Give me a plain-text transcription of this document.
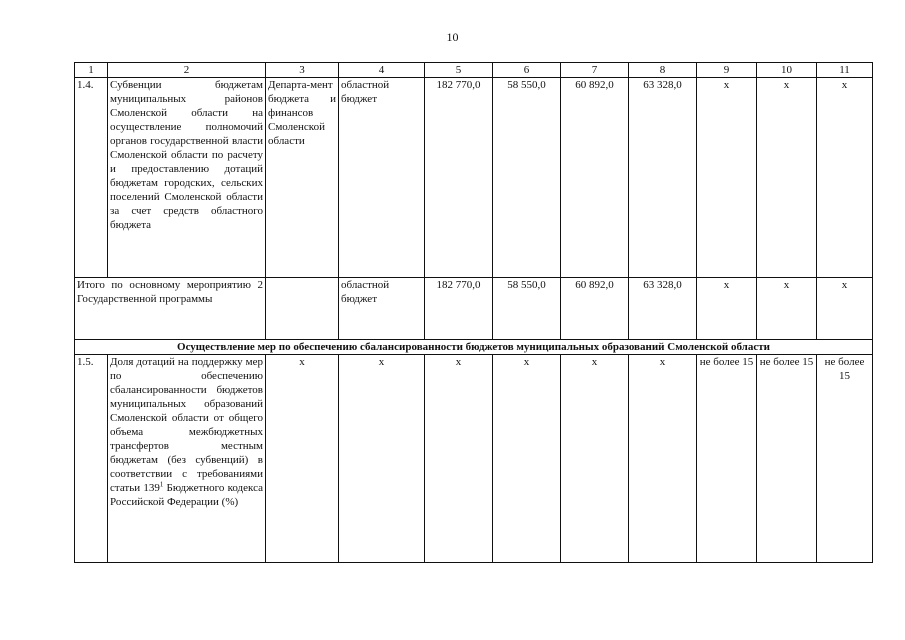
10
1	2	3	4	5	6	7	8	9	10	11
1.4.	Субвенции бюджетам муниципальных районов Смоленской области на осуществление полномочий органов государственной власти Смоленской области по расчету и предоставлению дотаций бюджетам городских, сельских поселений Смоленской области за счет средств областного бюджета	Департа-мент бюджета и финансов Смоленской области	областной бюджет	182 770,0	58 550,0	60 892,0	63 328,0	x	x	x
Итого по основному мероприятию 2 Государственной программы			областной бюджет	182 770,0	58 550,0	60 892,0	63 328,0	x	x	x
Осуществление мер по обеспечению сбалансированности бюджетов муниципальных образований Смоленской области										
1.5.	Доля дотаций на поддержку мер по обеспечению сбалансированности бюджетов муниципальных образований Смоленской области от общего объема межбюджетных трансфертов местным бюджетам (без субвенций) в соответствии с требованиями статьи $139^1$ Бюджетного кодекса Российской Федерации (%)	x	x	x	x	x	x	не более 15	не более 15	не более 15
